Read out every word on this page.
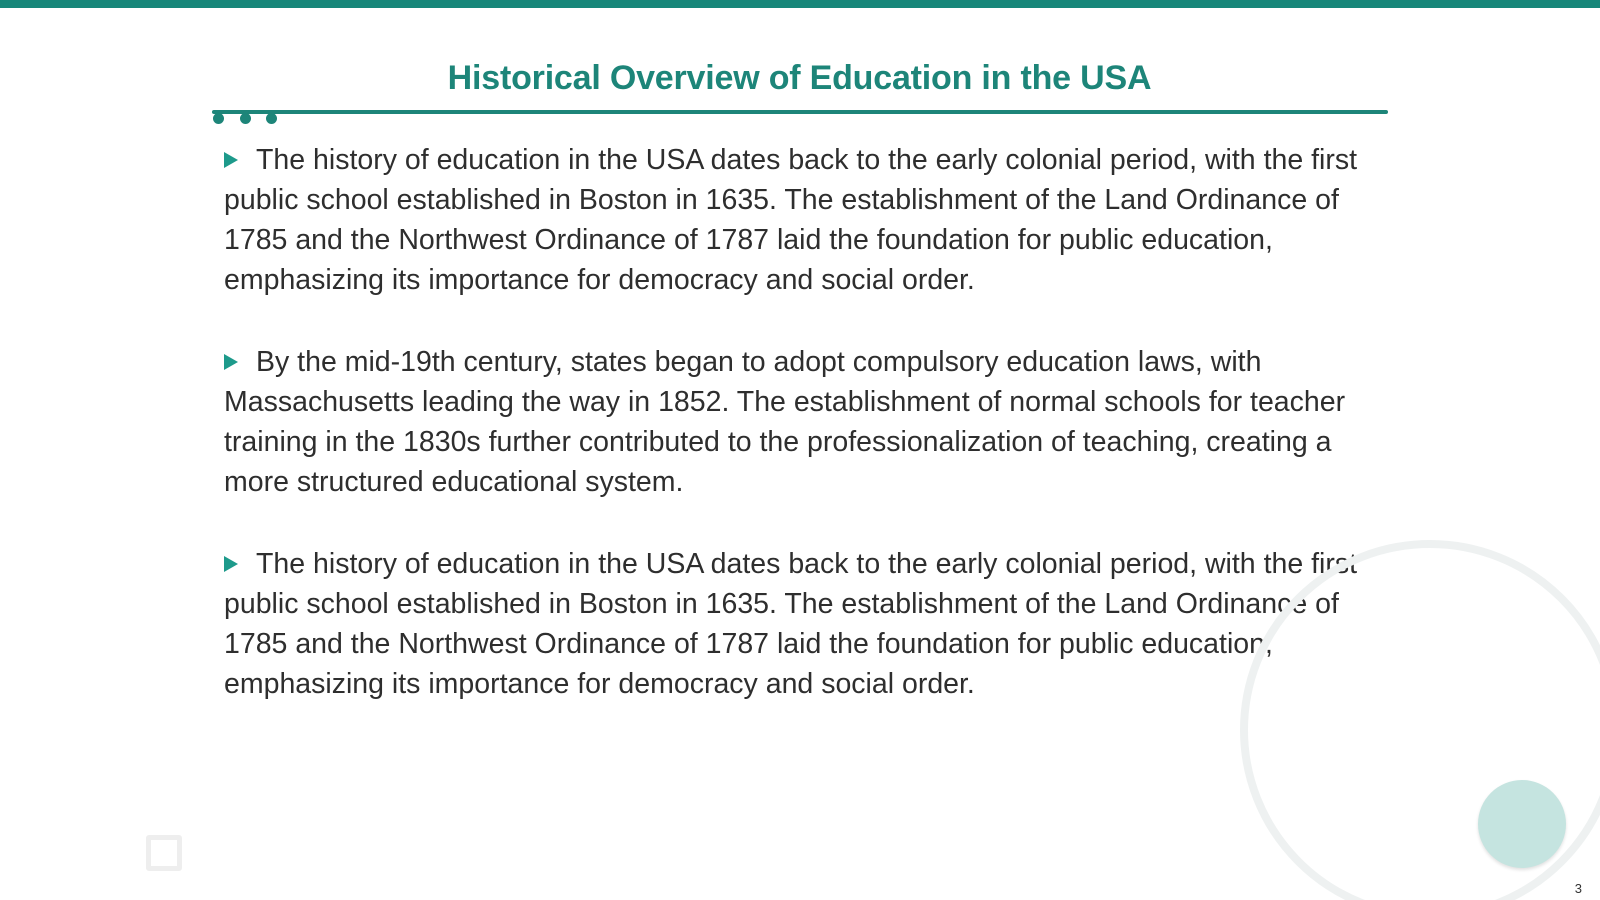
Historical Overview of Education in the USA

The history of education in the USA dates back to the early colonial period, with the first public school established in Boston in 1635. The establishment of the Land Ordinance of 1785 and the Northwest Ordinance of 1787 laid the foundation for public education, emphasizing its importance for democracy and social order.

By the mid-19th century, states began to adopt compulsory education laws, with Massachusetts leading the way in 1852. The establishment of normal schools for teacher training in the 1830s further contributed to the professionalization of teaching, creating a more structured educational system.

The history of education in the USA dates back to the early colonial period, with the first public school established in Boston in 1635. The establishment of the Land Ordinance of 1785 and the Northwest Ordinance of 1787 laid the foundation for public education, emphasizing its importance for democracy and social order.

3
